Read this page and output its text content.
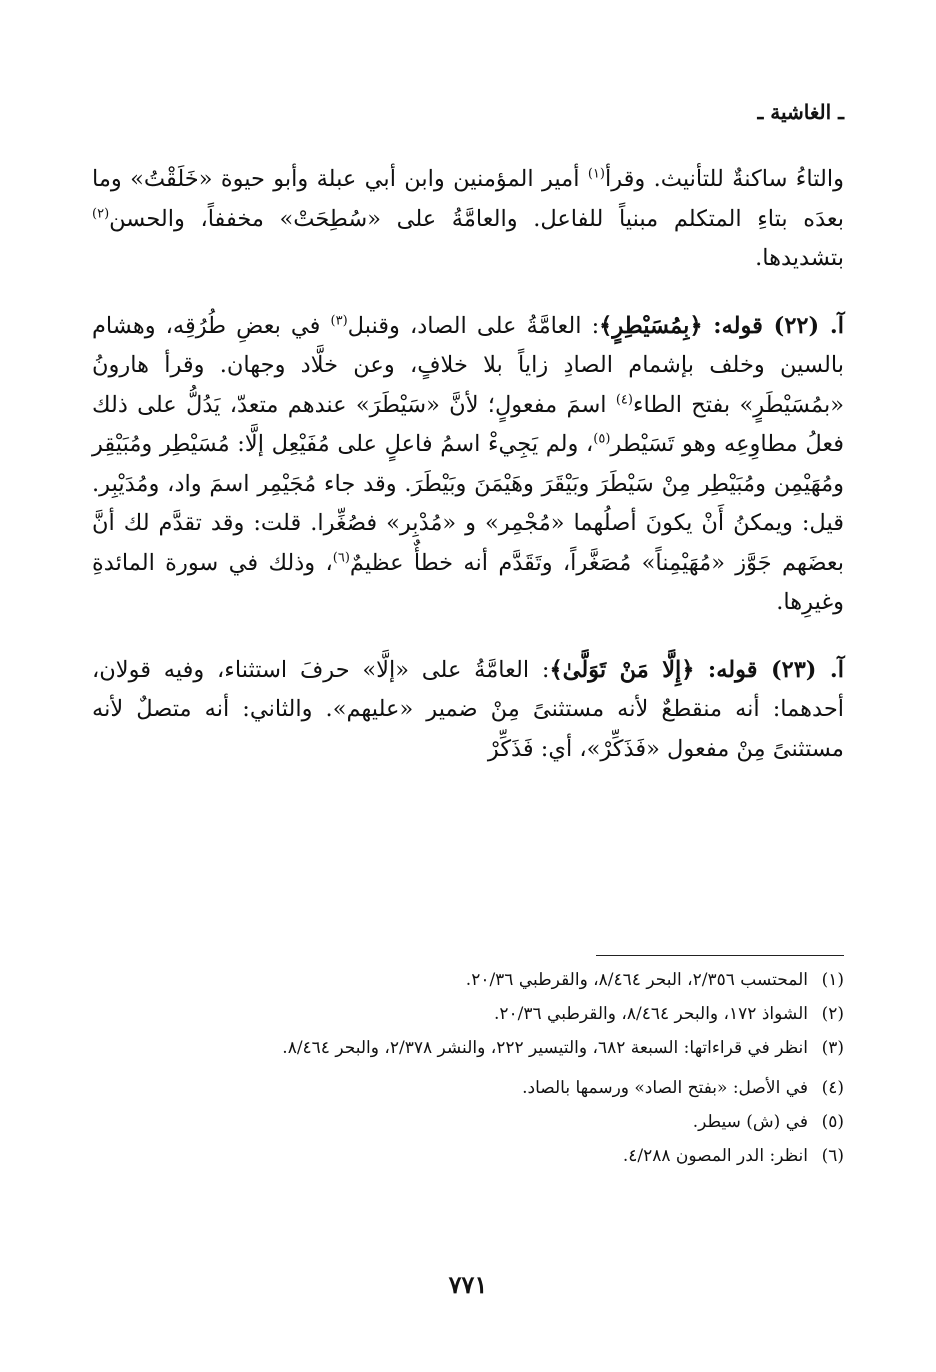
ـ الغاشية ـ

والتاءُ ساكنةٌ للتأنيث. وقرأ$^{(١)}$ أمير المؤمنين وابن أبي عبلة وأبو حيوة «خَلَقْتُ» وما بعدَه بتاءِ المتكلم مبنياً للفاعل. والعامَّةُ على «سُطِحَتْ» مخففاً، والحسن$^{(٢)}$ بتشديدها.

آ. (٢٢) قوله: ﴿بِمُسَيْطِرٍ﴾: العامَّةُ على الصاد، وقنبل$^{(٣)}$ في بعضِ طُرُقِه، وهشام بالسين وخلف بإشمام الصادِ زاياً بلا خلافٍ، وعن خلَّاد وجهان. وقرأ هارونُ «بمُسَيْطَرٍ» بفتح الطاء$^{(٤)}$ اسمَ مفعولٍ؛ لأنَّ «سَيْطَرَ» عندهم متعدّ، يَدُلُّ على ذلك فعلُ مطاوِعِه وهو تَسَيْطر$^{(٥)}$، ولم يَجِيءْ اسمُ فاعلٍ على مُفَيْعِل إلَّا: مُسَيْطِر ومُبَيْقِر ومُهَيْمِن ومُبَيْطِر مِنْ سَيْطَرَ وبَيْقَرَ وهَيْمَنَ وبَيْطَرَ. وقد جاء مُجَيْمِر اسمَ واد، ومُدَيْبِر. قيل: ويمكنُ أَنْ يكونَ أصلُهما «مُجْمِر» و «مُدْبِر» فصُغِّرا. قلت: وقد تقدَّم لك أنَّ بعضَهم جَوَّز «مُهَيْمِناً» مُصَغَّراً، وتَقَدَّم أنه خطأٌ عظيمٌ$^{(٦)}$، وذلك في سورة المائدةِ وغيرِها.

آ. (٢٣) قوله: ﴿إِلَّا مَنْ تَوَلَّىٰ﴾: العامَّةُ على «إلَّا» حرفَ استثناء، وفيه قولان، أحدهما: أنه منقطعٌ لأنه مستثنىً مِنْ ضمير «عليهم». والثاني: أنه متصلٌ لأنه مستثنىً مِنْ مفعول «فَذَكِّرْ»، أي: فَذَكِّرْ

(١)
المحتسب ٢/٣٥٦، البحر ٨/٤٦٤، والقرطبي ٢٠/٣٦.
(٢)
الشواذ ١٧٢، والبحر ٨/٤٦٤، والقرطبي ٢٠/٣٦.
(٣)
انظر في قراءاتها: السبعة ٦٨٢، والتيسير ٢٢٢، والنشر ٢/٣٧٨، والبحر ٨/٤٦٤.
(٤)
في الأصل: «بفتح الصاد» ورسمها بالصاد.
(٥)
في (ش) سيطر.
(٦)
انظر: الدر المصون ٤/٢٨٨.
٧٧١
